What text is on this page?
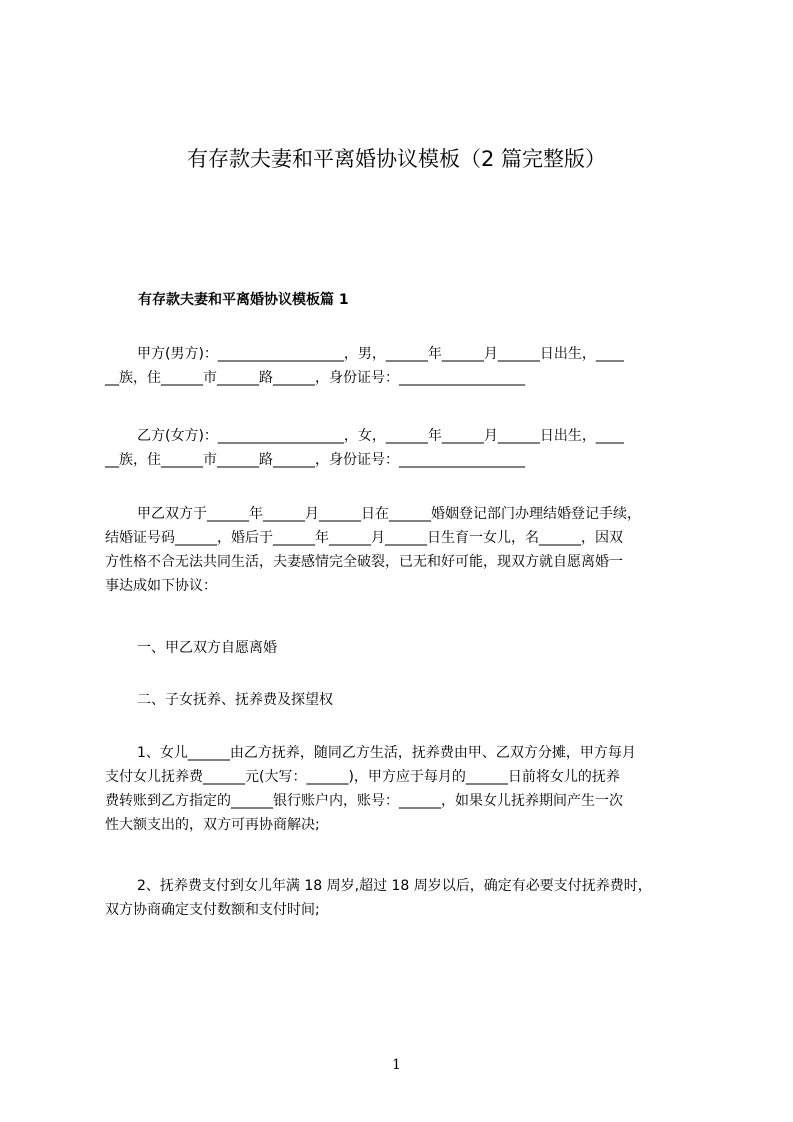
有存款夫妻和平离婚协议模板（2 篇完整版）
有存款夫妻和平离婚协议模板篇 1

甲方(男方)：__________________，男，______年______月______日出生，____
__族，住______市______路______，身份证号：__________________

乙方(女方)：__________________，女，______年______月______日出生，____
__族，住______市______路______，身份证号：__________________

甲乙双方于______年______月______日在______婚姻登记部门办理结婚登记手续，
结婚证号码______，婚后于______年______月______日生育一女儿，名______，因双
方性格不合无法共同生活，夫妻感情完全破裂，已无和好可能，现双方就自愿离婚一
事达成如下协议：

一、甲乙双方自愿离婚

二、子女抚养、抚养费及探望权

1、女儿______由乙方抚养，随同乙方生活，抚养费由甲、乙双方分摊，甲方每月
支付女儿抚养费______元(大写：______)，甲方应于每月的______日前将女儿的抚养
费转账到乙方指定的______银行账户内，账号：______，如果女儿抚养期间产生一次
性大额支出的，双方可再协商解决;

2、抚养费支付到女儿年满 18 周岁,超过 18 周岁以后，确定有必要支付抚养费时，
双方协商确定支付数额和支付时间;

1
